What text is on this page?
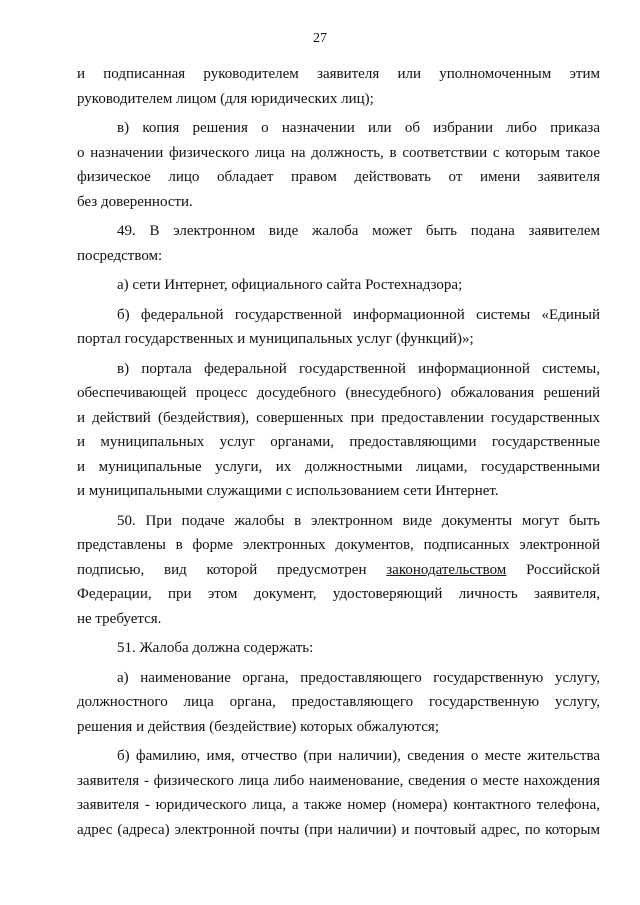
27
и подписанная руководителем заявителя или уполномоченным этим
руководителем лицом (для юридических лиц);
в) копия решения о назначении или об избрании либо приказа
о назначении физического лица на должность, в соответствии с которым такое
физическое лицо обладает правом действовать от имени заявителя
без доверенности.
49. В электронном виде жалоба может быть подана заявителем
посредством:
а) сети Интернет, официального сайта Ростехнадзора;
б) федеральной государственной информационной системы «Единый
портал государственных и муниципальных услуг (функций)»;
в) портала федеральной государственной информационной системы,
обеспечивающей процесс досудебного (внесудебного) обжалования решений
и действий (бездействия), совершенных при предоставлении государственных
и муниципальных услуг органами, предоставляющими государственные
и муниципальные услуги, их должностными лицами, государственными
и муниципальными служащими с использованием сети Интернет.
50. При подаче жалобы в электронном виде документы могут быть
представлены в форме электронных документов, подписанных электронной
подписью, вид которой предусмотрен законодательством Российской
Федерации, при этом документ, удостоверяющий личность заявителя,
не требуется.
51. Жалоба должна содержать:
а) наименование органа, предоставляющего государственную услугу,
должностного лица органа, предоставляющего государственную услугу,
решения и действия (бездействие) которых обжалуются;
б) фамилию, имя, отчество (при наличии), сведения о месте жительства
заявителя - физического лица либо наименование, сведения о месте нахождения
заявителя - юридического лица, а также номер (номера) контактного телефона,
адрес (адреса) электронной почты (при наличии) и почтовый адрес, по которым
